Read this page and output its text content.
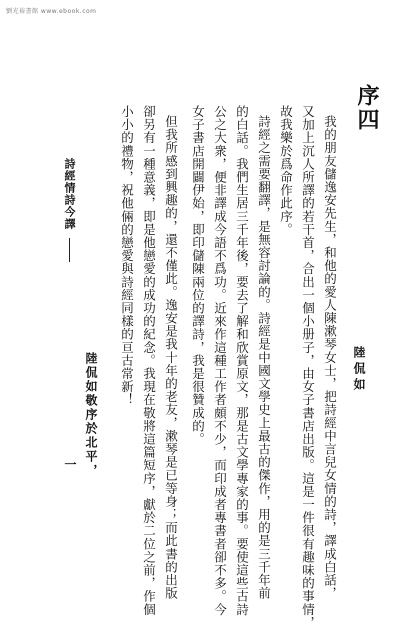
劉光裕書館 www.ebook.com
序四
陸侃如
我的朋友儲逸安先生，和他的愛人陳漱琴女士，把詩經中言兒女情的詩，譯成白話，
又加上沉人所譯的若干首，合出一個小册子，由女子書店出版。這是一件很有趣味的事情，
故我樂於爲命作此序。
詩經之需要翻譯，是無容討論的。詩經是中國文學史上最古的傑作，用的是三千年前
的白話。我們生居三千年後，要去了解和欣賞原文，那是古文學專家的事。要使這些古詩
公之大衆，便非譯成今語不爲功。近來作這種工作者頗不少，而印成者專書者卻不多。今
女子書店開闢伊始，即印儲陳兩位的譯詩，我是很贊成的。
但我所感到興趣的，還不僅此。逸安是我十年的老友，漱琴是已等身；而此書的出版
卻另有一種意義，即是他戀愛的成功的紀念。我現在敬將這篇短序，獻於二位之前，作個
小小的禮物，祝他倆的戀愛與詩經同樣的亘古常新！
陸侃如敬序於北平，
詩經情詩今譯
一
